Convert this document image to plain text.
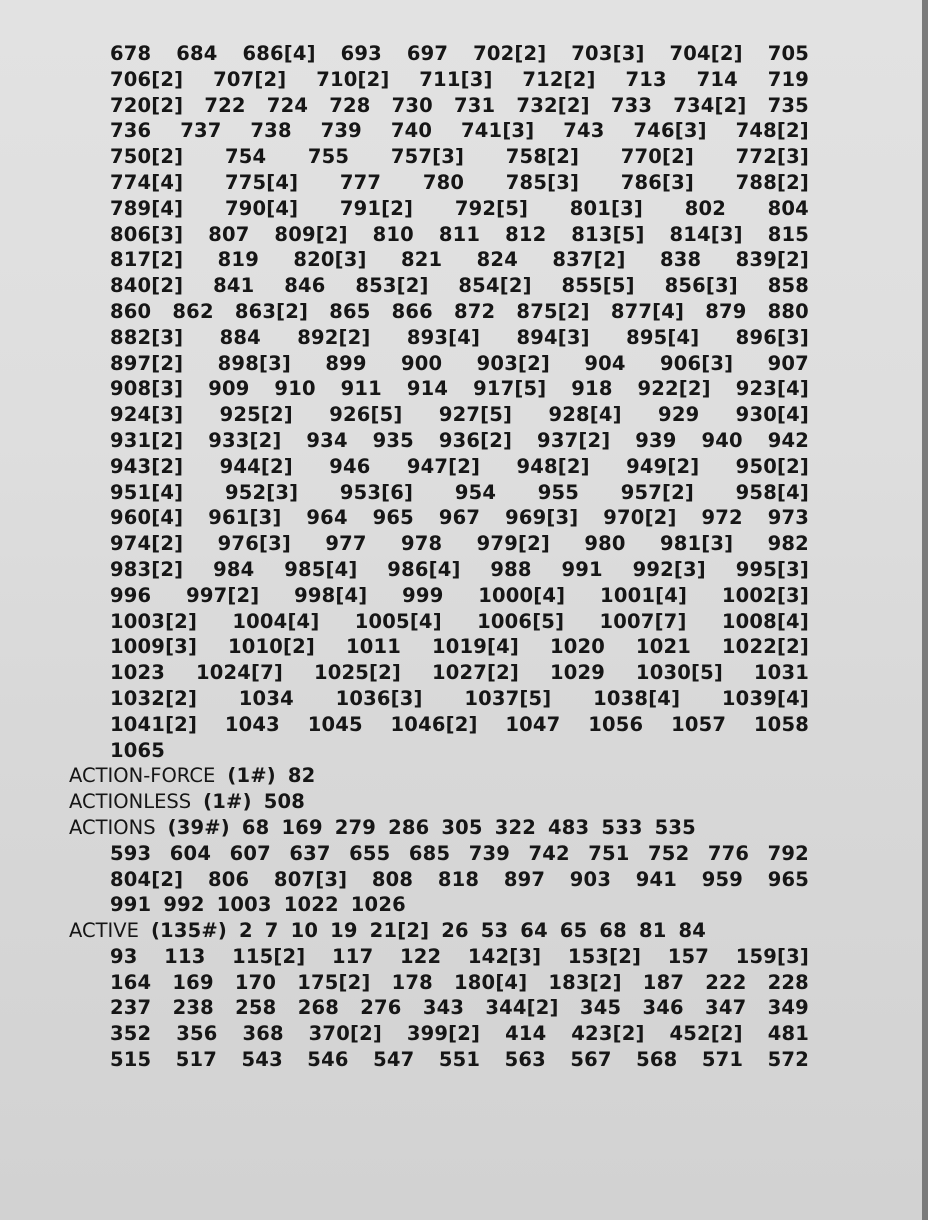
678 684 686[4] 693 697 702[2] 703[3] 704[2] 705
706[2] 707[2] 710[2] 711[3] 712[2] 713 714 719
720[2] 722 724 728 730 731 732[2] 733 734[2] 735
736 737 738 739 740 741[3] 743 746[3] 748[2]
750[2] 754 755 757[3] 758[2] 770[2] 772[3]
774[4] 775[4] 777 780 785[3] 786[3] 788[2]
789[4] 790[4] 791[2] 792[5] 801[3] 802 804
806[3] 807 809[2] 810 811 812 813[5] 814[3] 815
817[2] 819 820[3] 821 824 837[2] 838 839[2]
840[2] 841 846 853[2] 854[2] 855[5] 856[3] 858
860 862 863[2] 865 866 872 875[2] 877[4] 879 880
882[3] 884 892[2] 893[4] 894[3] 895[4] 896[3]
897[2] 898[3] 899 900 903[2] 904 906[3] 907
908[3] 909 910 911 914 917[5] 918 922[2] 923[4]
924[3] 925[2] 926[5] 927[5] 928[4] 929 930[4]
931[2] 933[2] 934 935 936[2] 937[2] 939 940 942
943[2] 944[2] 946 947[2] 948[2] 949[2] 950[2]
951[4] 952[3] 953[6] 954 955 957[2] 958[4]
960[4] 961[3] 964 965 967 969[3] 970[2] 972 973
974[2] 976[3] 977 978 979[2] 980 981[3] 982
983[2] 984 985[4] 986[4] 988 991 992[3] 995[3]
996 997[2] 998[4] 999 1000[4] 1001[4] 1002[3]
1003[2] 1004[4] 1005[4] 1006[5] 1007[7] 1008[4]
1009[3] 1010[2] 1011 1019[4] 1020 1021 1022[2]
1023 1024[7] 1025[2] 1027[2] 1029 1030[5] 1031
1032[2] 1034 1036[3] 1037[5] 1038[4] 1039[4]
1041[2] 1043 1045 1046[2] 1047 1056 1057 1058
1065
ACTION-FORCE (1#) 82
ACTIONLESS (1#) 508
ACTIONS (39#) 68 169 279 286 305 322 483 533 535
593 604 607 637 655 685 739 742 751 752 776 792
804[2] 806 807[3] 808 818 897 903 941 959 965
991 992 1003 1022 1026
ACTIVE (135#) 2 7 10 19 21[2] 26 53 64 65 68 81 84
93 113 115[2] 117 122 142[3] 153[2] 157 159[3]
164 169 170 175[2] 178 180[4] 183[2] 187 222 228
237 238 258 268 276 343 344[2] 345 346 347 349
352 356 368 370[2] 399[2] 414 423[2] 452[2] 481
515 517 543 546 547 551 563 567 568 571 572
